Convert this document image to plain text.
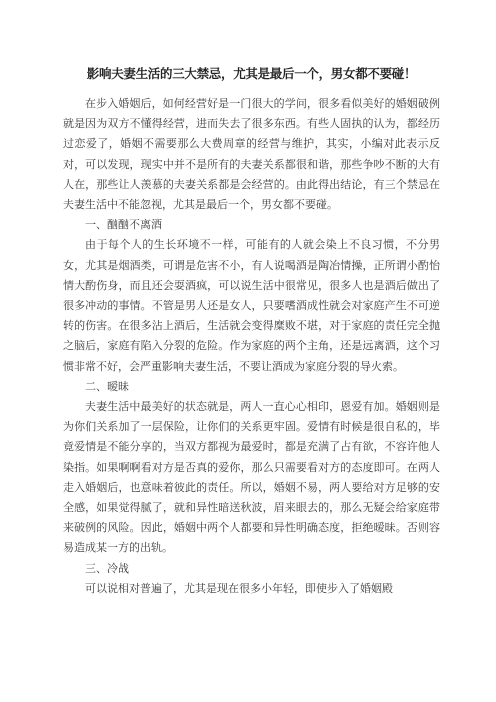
影响夫妻生活的三大禁忌，尤其是最后一个，男女都不要碰！

在步入婚姻后，如何经营好是一门很大的学问，很多看似美好的婚姻破例就是因为双方不懂得经营，进而失去了很多东西。有些人固执的认为，都经历过恋爱了，婚姻不需要那么大费周章的经营与维护，其实，小编对此表示反对，可以发现，现实中并不是所有的夫妻关系都很和谐，那些争吵不断的大有人在，那些让人羡慕的夫妻关系都是会经营的。由此得出结论，有三个禁忌在夫妻生活中不能忽视，尤其是最后一个，男女都不要碰。

一、酗酗不离酒

由于每个人的生长环境不一样，可能有的人就会染上不良习惯，不分男女，尤其是烟酒类，可谓是危害不小，有人说喝酒是陶冶情操，正所谓小酌怡情大酌伤身，而且还会耍酒疯，可以说生活中很常见，很多人也是酒后做出了很多冲动的事情。不管是男人还是女人，只要嗜酒成性就会对家庭产生不可逆转的伤害。在很多沾上酒后，生活就会变得糜败不堪，对于家庭的责任完全抛之脑后，家庭有陷入分裂的危险。作为家庭的两个主角，还是远离酒，这个习惯非常不好，会严重影响夫妻生活，不要让酒成为家庭分裂的导火索。

二、暧昧

夫妻生活中最美好的状态就是，两人一直心心相印，恩爱有加。婚姻则是为你们关系加了一层保险，让你们的关系更牢固。爱情有时候是很自私的，毕竟爱情是不能分享的，当双方都视为最爱时，都是充满了占有欲，不容许他人染指。如果啊啊看对方是否真的爱你，那么只需要看对方的态度即可。在两人走入婚姻后，也意味着彼此的责任。所以，婚姻不易，两人要给对方足够的安全感，如果觉得腻了，就和异性暗送秋波，眉来眼去的，那么无疑会给家庭带来破例的风险。因此，婚姻中两个人都要和异性明确态度，拒绝暧昧。否则容易造成某一方的出轨。

三、冷战

可以说相对普遍了，尤其是现在很多小年轻，即使步入了婚姻殿
